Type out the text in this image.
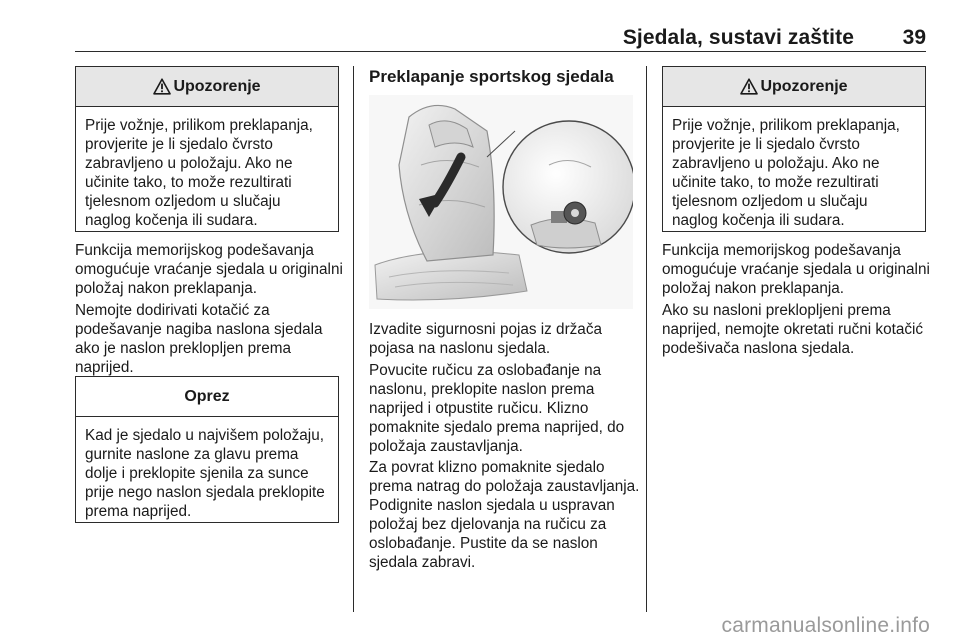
Sjedala, sustavi zaštite	39
Upozorenje
Prije vožnje, prilikom preklapanja, provjerite je li sjedalo čvrsto zabravljeno u položaju. Ako ne učinite tako, to može rezultirati tjelesnom ozljedom u slučaju naglog kočenja ili sudara.

Funkcija memorijskog podešavanja omogućuje vraćanje sjedala u originalni položaj nakon preklapanja.

Nemojte dodirivati kotačić za podešavanje nagiba naslona sjedala ako je naslon preklopljen prema naprijed.

Oprez
Kad je sjedalo u najvišem položaju, gurnite naslone za glavu prema dolje i preklopite sjenila za sunce prije nego naslon sjedala preklopite prema naprijed.
Preklapanje sportskog sjedala

Izvadite sigurnosni pojas iz držača pojasa na naslonu sjedala.

Povucite ručicu za oslobađanje na naslonu, preklopite naslon prema naprijed i otpustite ručicu. Klizno pomaknite sjedalo prema naprijed, do položaja zaustavljanja.

Za povrat klizno pomaknite sjedalo prema natrag do položaja zaustavljanja. Podignite naslon sjedala u uspravan položaj bez djelovanja na ručicu za oslobađanje. Pustite da se naslon sjedala zabravi.

Upozorenje
Prije vožnje, prilikom preklapanja, provjerite je li sjedalo čvrsto zabravljeno u položaju. Ako ne učinite tako, to može rezultirati tjelesnom ozljedom u slučaju naglog kočenja ili sudara.

Funkcija memorijskog podešavanja omogućuje vraćanje sjedala u originalni položaj nakon preklapanja.

Ako su nasloni preklopljeni prema naprijed, nemojte okretati ručni kotačić podešivača naslona sjedala.

carmanualsonline.info
